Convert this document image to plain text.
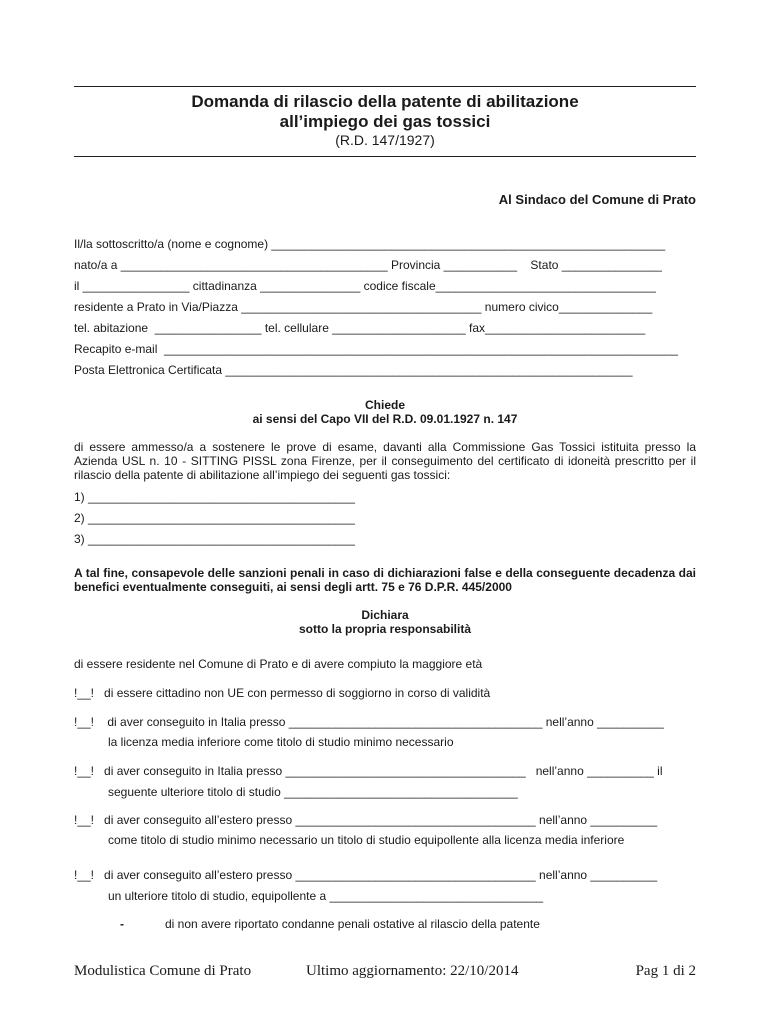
Domanda di rilascio della patente di abilitazione
all’impiego dei gas tossici
(R.D. 147/1927)
Al Sindaco del Comune di Prato
Il/la sottoscritto/a (nome e cognome) ___________________________________________________________
nato/a a ________________________________________ Provincia ___________    Stato _______________
il ________________ cittadinanza _______________ codice fiscale_________________________________
residente a Prato in Via/Piazza ____________________________________ numero civico______________
tel. abitazione  ________________ tel. cellulare ____________________ fax________________________
Recapito e-mail  _____________________________________________________________________________
Posta Elettronica Certificata _____________________________________________________________
Chiede
ai sensi del Capo VII del R.D. 09.01.1927 n. 147
di essere ammesso/a a sostenere le prove di esame, davanti alla Commissione Gas Tossici istituita presso la Azienda USL n. 10 - SITTING PISSL zona Firenze, per il conseguimento del certificato di idoneità prescritto per il rilascio della patente di abilitazione all’impiego dei seguenti gas tossici:
1) ________________________________________
2) ________________________________________
3) ________________________________________
A tal fine, consapevole delle sanzioni penali in caso di dichiarazioni false e della conseguente decadenza dai benefici eventualmente conseguiti, ai sensi degli artt. 75 e 76 D.P.R. 445/2000
Dichiara
sotto la propria responsabilità
di essere residente nel Comune di Prato e di avere compiuto la maggiore età
!__!   di essere cittadino non UE con permesso di soggiorno in corso di validità
!__!    di aver conseguito in Italia presso ______________________________________ nell’anno __________
la licenza media inferiore come titolo di studio minimo necessario
!__!   di aver conseguito in Italia presso ____________________________________   nell’anno __________ il
seguente ulteriore titolo di studio ___________________________________
!__!   di aver conseguito all’estero presso ____________________________________ nell’anno __________
come titolo di studio minimo necessario un titolo di studio equipollente alla licenza media inferiore
!__!   di aver conseguito all’estero presso ____________________________________ nell’anno __________
un ulteriore titolo di studio, equipollente a ________________________________
-	di non avere riportato condanne penali ostative al rilascio della patente
Modulistica Comune di Prato	Ultimo aggiornamento: 22/10/2014	Pag 1 di 2
